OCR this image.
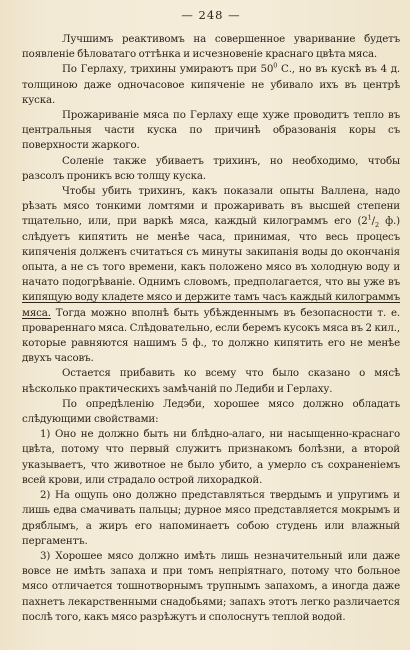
— 248 —

Лучшимъ реактивомъ на совершенное уваривание будетъ появленіе бѣловатаго оттѣнка и исчезновеніе краснаго цвѣта мяса.

По Герлаху, трихины умираютъ при $50^0$ С., но въ кускѣ въ 4 д. толщиною даже одночасовое кипяченіе не убивало ихъ въ центрѣ куска.

Прожариваніе мяса по Герлаху еще хуже проводитъ тепло въ центральныя части куска по причинѣ образованія коры съ поверхности жаркого.

Соленіе также убиваетъ трихинъ, но необходимо, чтобы разсолъ проникъ всю толщу куска.

Чтобы убить трихинъ, какъ показали опыты Валлена, надо рѣзать мясо тонкими ломтями и прожаривать въ высшей степени тщательно, или, при варкѣ мяса, каждый килограммъ его ($2^1/_2$ ф.) слѣдуетъ кипятить не менѣе часа, принимая, что весь процесъ кипяченія долженъ считаться съ минуты закипанія воды до окончанія опыта, а не съ того времени, какъ положено мясо въ холодную воду и начато подогрѣваніе. Однимъ словомъ, предполагается, что вы уже въ кипящую воду кладете мясо и держите тамъ часъ каждый килограммъ мяса. Тогда можно вполнѣ быть убѣжденнымъ въ безопасности т. е. провареннаго мяса. Слѣдовательно, если беремъ кусокъ мяса въ 2 кил., которые равняются нашимъ 5 ф., то должно кипятить его не менѣе двухъ часовъ.

Остается прибавить ко всему что было сказано о мясѣ нѣсколько практическихъ замѣчаній по Ледиби и Герлаху.

По опредѣленію Ледэби, хорошее мясо должно обладать слѣдующими свойствами:

1) Оно не должно быть ни блѣдно-алаго, ни насыщенно-краснаго цвѣта, потому что первый служитъ признакомъ болѣзни, а второй указываетъ, что животное не было убито, а умерло съ сохраненіемъ всей крови, или страдало острой лихорадкой.

2) На ощупь оно должно представляться твердымъ и упругимъ и лишь едва смачивать пальцы; дурное мясо представляется мокрымъ и дряблымъ, а жиръ его напоминаетъ собою студень или влажный пергаментъ.

3) Хорошее мясо должно имѣть лишь незначительный или даже вовсе не имѣть запаха и при томъ непріятнаго, потому что больное мясо отличается тошнотворнымъ трупнымъ запахомъ, а иногда даже пахнетъ лекарственными снадобьями; запахъ этотъ легко различается послѣ того, какъ мясо разрѣжутъ и сполоснутъ теплой водой.
